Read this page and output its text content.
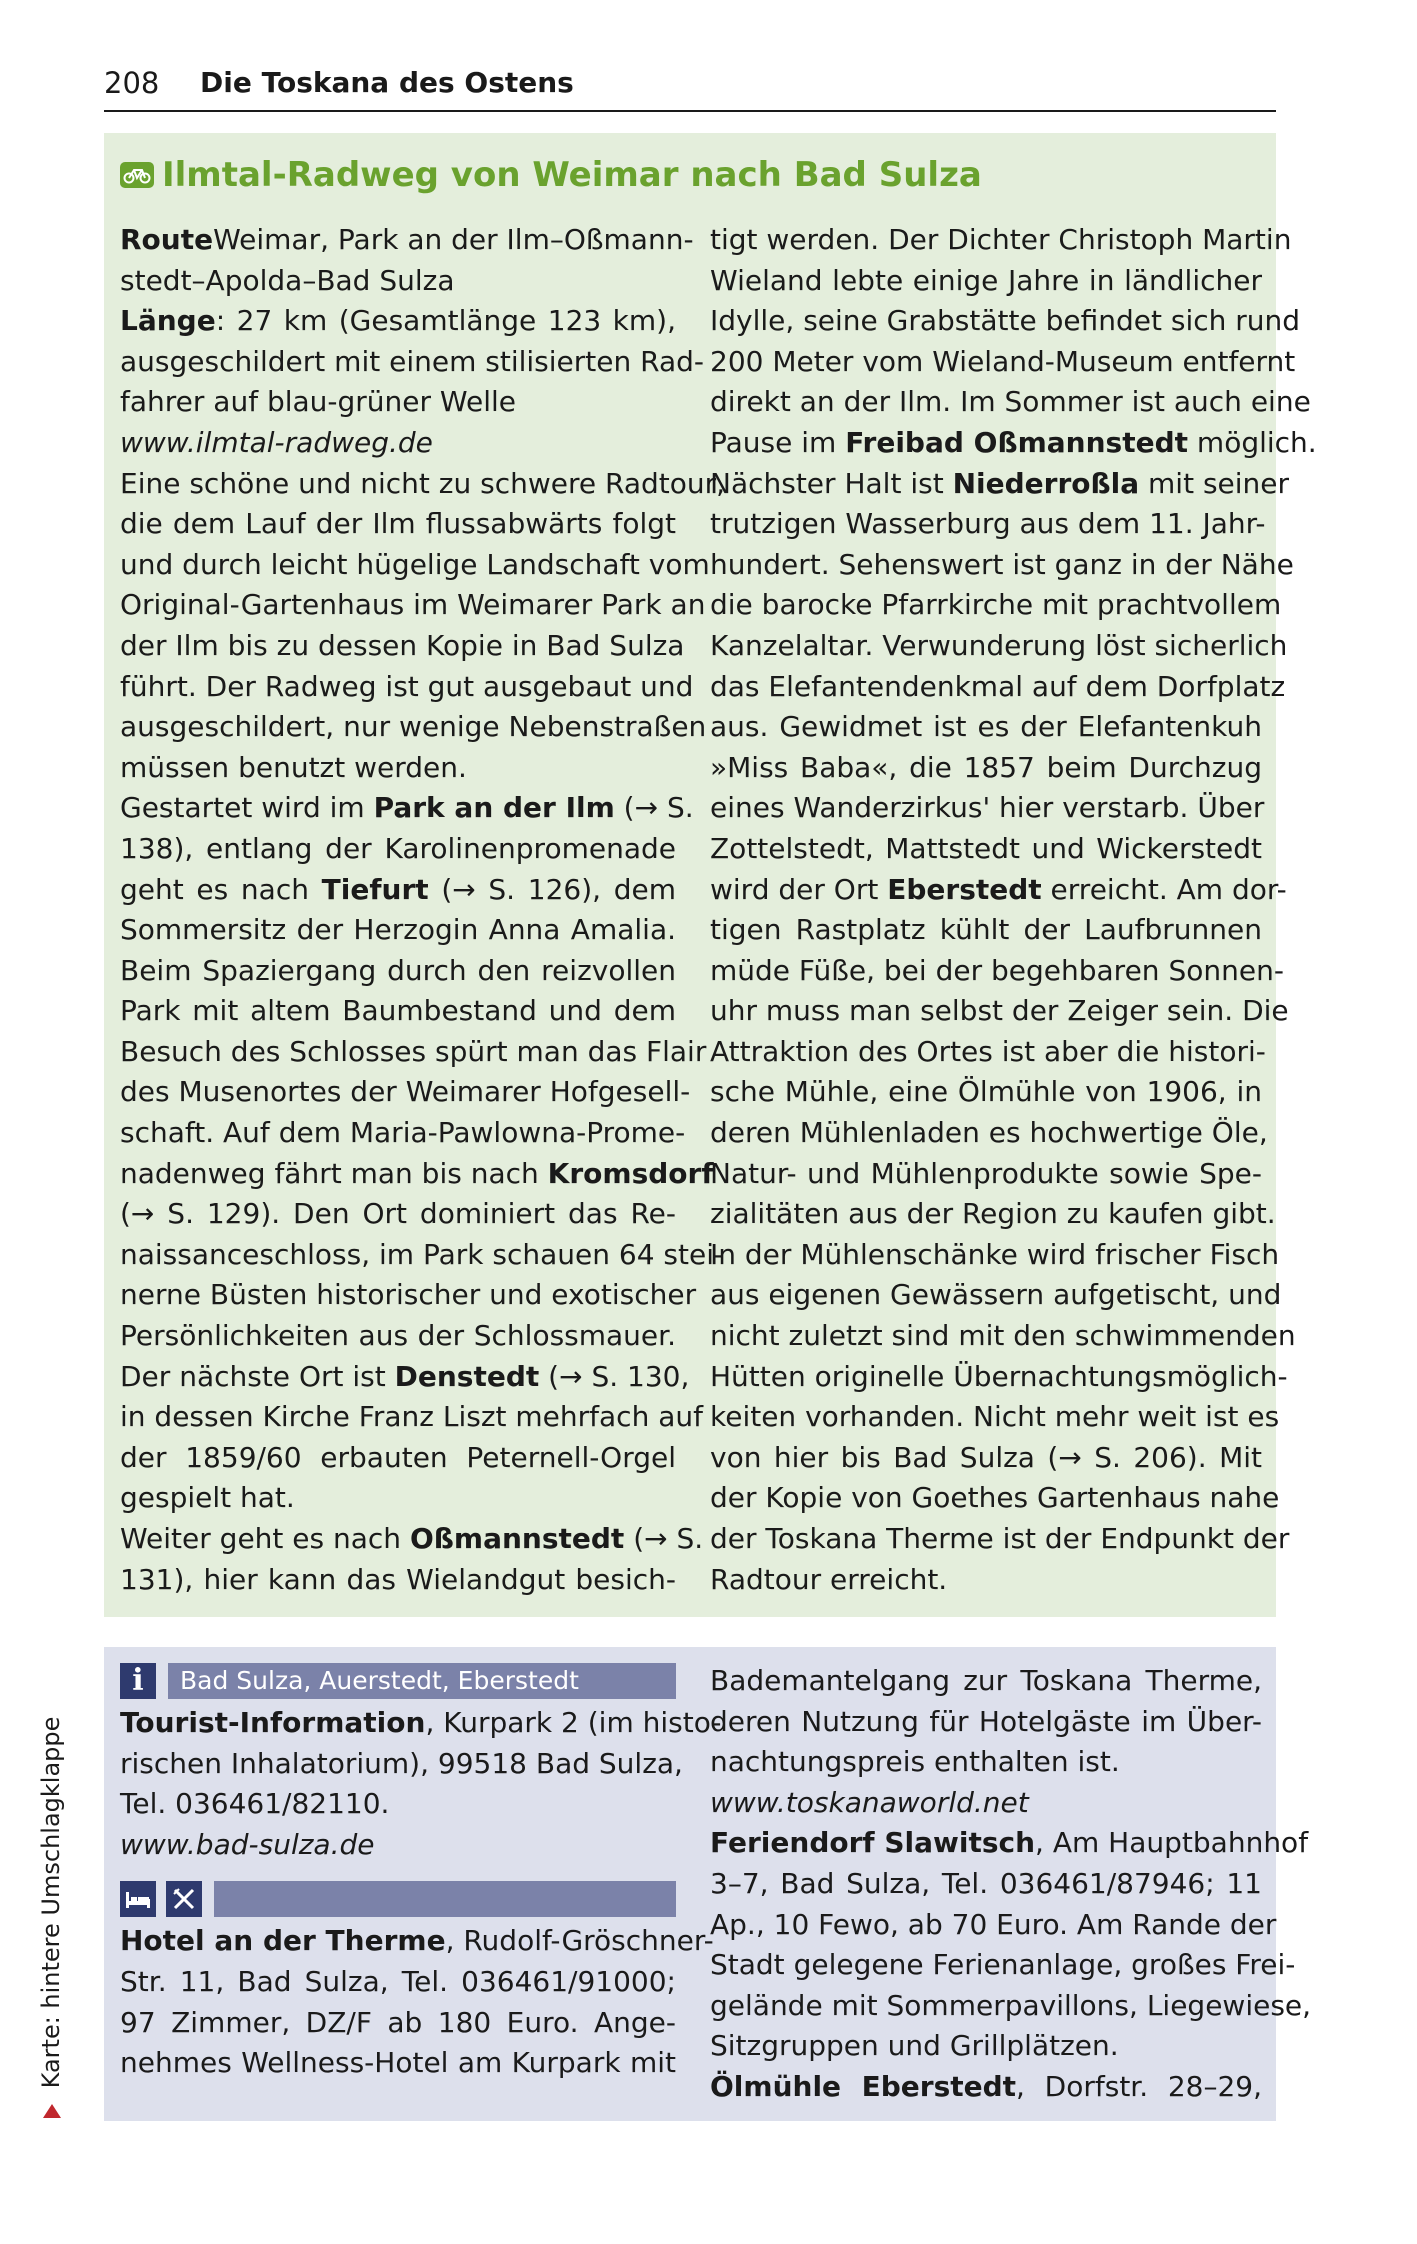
208 Die Toskana des Ostens
Ilmtal-Radweg von Weimar nach Bad Sulza
RouteWeimar, Park an der Ilm–Oßmann-
stedt–Apolda–Bad Sulza
Länge: 27 km (Gesamtlänge 123 km),
ausgeschildert mit einem stilisierten Rad-
fahrer auf blau-grüner Welle
www.ilmtal-radweg.de
Eine schöne und nicht zu schwere Radtour,
die dem Lauf der Ilm flussabwärts folgt
und durch leicht hügelige Landschaft vom
Original-Gartenhaus im Weimarer Park an
der Ilm bis zu dessen Kopie in Bad Sulza
führt. Der Radweg ist gut ausgebaut und
ausgeschildert, nur wenige Nebenstraßen
müssen benutzt werden.
Gestartet wird im Park an der Ilm (→ S.
138), entlang der Karolinenpromenade
geht es nach Tiefurt (→ S. 126), dem
Sommersitz der Herzogin Anna Amalia.
Beim Spaziergang durch den reizvollen
Park mit altem Baumbestand und dem
Besuch des Schlosses spürt man das Flair
des Musenortes der Weimarer Hofgesell-
schaft. Auf dem Maria-Pawlowna-Prome-
nadenweg fährt man bis nach Kromsdorf
(→ S. 129). Den Ort dominiert das Re-
naissanceschloss, im Park schauen 64 stei-
nerne Büsten historischer und exotischer
Persönlichkeiten aus der Schlossmauer.
Der nächste Ort ist Denstedt (→ S. 130,
in dessen Kirche Franz Liszt mehrfach auf
der 1859/60 erbauten Peternell-Orgel
gespielt hat.
Weiter geht es nach Oßmannstedt (→ S.
131), hier kann das Wielandgut besich-
tigt werden. Der Dichter Christoph Martin
Wieland lebte einige Jahre in ländlicher
Idylle, seine Grabstätte befindet sich rund
200 Meter vom Wieland-Museum entfernt
direkt an der Ilm. Im Sommer ist auch eine
Pause im Freibad Oßmannstedt möglich.
Nächster Halt ist Niederroßla mit seiner
trutzigen Wasserburg aus dem 11. Jahr-
hundert. Sehenswert ist ganz in der Nähe
die barocke Pfarrkirche mit prachtvollem
Kanzelaltar. Verwunderung löst sicherlich
das Elefantendenkmal auf dem Dorfplatz
aus. Gewidmet ist es der Elefantenkuh
»Miss Baba«, die 1857 beim Durchzug
eines Wanderzirkus' hier verstarb. Über
Zottelstedt, Mattstedt und Wickerstedt
wird der Ort Eberstedt erreicht. Am dor-
tigen Rastplatz kühlt der Laufbrunnen
müde Füße, bei der begehbaren Sonnen-
uhr muss man selbst der Zeiger sein. Die
Attraktion des Ortes ist aber die histori-
sche Mühle, eine Ölmühle von 1906, in
deren Mühlenladen es hochwertige Öle,
Natur- und Mühlenprodukte sowie Spe-
zialitäten aus der Region zu kaufen gibt.
In der Mühlenschänke wird frischer Fisch
aus eigenen Gewässern aufgetischt, und
nicht zuletzt sind mit den schwimmenden
Hütten originelle Übernachtungsmöglich-
keiten vorhanden. Nicht mehr weit ist es
von hier bis Bad Sulza (→ S. 206). Mit
der Kopie von Goethes Gartenhaus nahe
der Toskana Therme ist der Endpunkt der
Radtour erreicht.
i	Bad Sulza, Auerstedt, Eberstedt
Tourist-Information, Kurpark 2 (im histo-
rischen Inhalatorium), 99518 Bad Sulza,
Tel. 036461/82110.
www.bad-sulza.de
Hotel an der Therme, Rudolf-Gröschner-
Str. 11, Bad Sulza, Tel. 036461/91000;
97 Zimmer, DZ/F ab 180 Euro. Ange-
nehmes Wellness-Hotel am Kurpark mit
Bademantelgang zur Toskana Therme,
deren Nutzung für Hotelgäste im Über-
nachtungspreis enthalten ist.
www.toskanaworld.net
Feriendorf Slawitsch, Am Hauptbahnhof
3–7, Bad Sulza, Tel. 036461/87946; 11
Ap., 10 Fewo, ab 70 Euro. Am Rande der
Stadt gelegene Ferienanlage, großes Frei-
gelände mit Sommerpavillons, Liegewiese,
Sitzgruppen und Grillplätzen.
Ölmühle Eberstedt, Dorfstr. 28–29,
Karte: hintere Umschlagklappe
